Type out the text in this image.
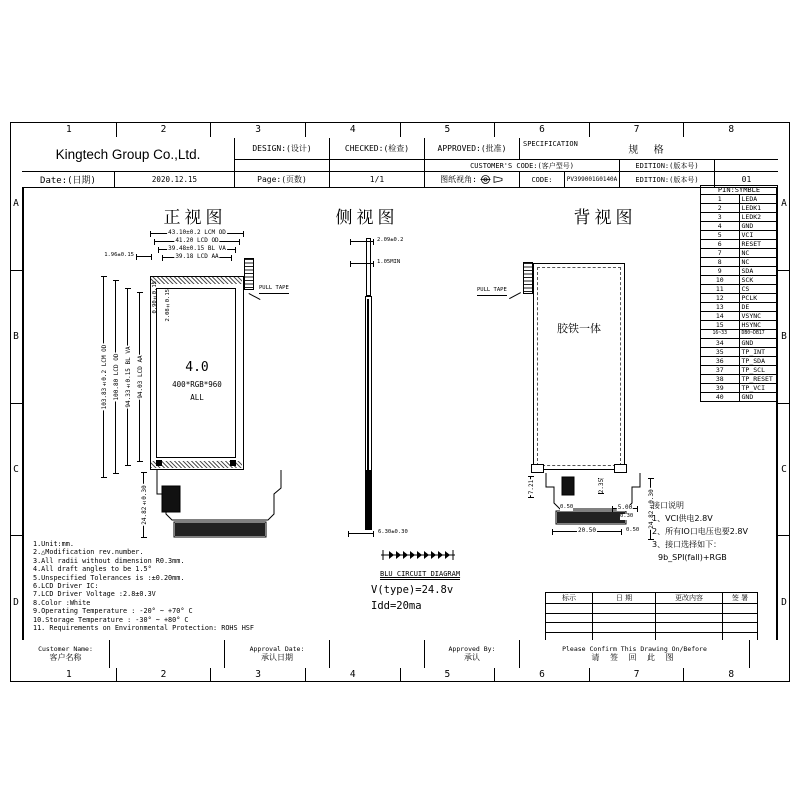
1	2	3	4	5	6	7	8
1	2	3	4	5	6	7	8
A
B
C
D
A
B
C
D
Kingtech Group Co.,Ltd.	DESIGN:(设计)	CHECKED:(检查)	APPROVED:(批准)	SPECIFICATION
规 格
CUSTOMER'S CODE:(客户型号)	EDITION:(版本号)
Date:(日期)	2020.12.15	Page:(页数)	1/1	图纸视角:	CODE:	PV399001G0140A	EDITION:(版本号)	01
PIN:SYMBLE	
1	LEDA
2	LEDK1
3	LEDK2
4	GND
5	VCI
6	RESET
7	NC
8	NC
9	SDA
10	SCK
11	CS
12	PCLK
13	DE
14	VSYNC
15	HSYNC
16~33	DB0~DB17
34	GND
35	TP_INT
36	TP_SDA
37	TP_SCL
38	TP_RESET
39	TP_VCI
40	GND
正视图
43.10±0.2 LCM OD
41.20 LCD OD
39.48±0.15 BL VA
39.18 LCD AA
103.83±0.2 LCM OD 100.80 LCD OD 94.33±0.15 BL VA 94.03 LCD AA
1.96±0.15
0.90±0.15 2.08±0.15
4.0
400*RGB*960
ALL
PULL TAPE
24.82±0.30
侧视图
2.09±0.2
1.05MIN
6.30±0.30
BLU CIRCUIT DIAGRAM
V(type)=24.8v
Idd=20ma
背视图
PULL TAPE
胶铁一体
7.21	2.35
5.00	24.82±0.30
0.50
0.30
20.50	0.50
接口说明
1、VCI供电2.8V
2、所有IO口电压也要2.8V
3、接口选择如下：
9b_SPI(fall)+RGB
1.Unit:mm.
2.△Modification rev.number.
3.All radii without dimension R0.3mm.
4.All draft angles to be 1.5°
5.Unspecified Tolerances is :±0.20mm.
6.LCD Driver IC:
7.LCD Driver Voltage :2.8±0.3V
8.Color :White
9.Operating Temperature : -20° ~ +70° C
10.Storage Temperature : -30° ~ +80° C
11. Requirements on Environmental Protection: ROHS HSF
标示	日 期	更改内容	签 署

Customer Name:
客户名称
Approval Date:
承认日期
Approved By:
承认
Please Confirm This Drawing On/Before
请 签 回 此 图
